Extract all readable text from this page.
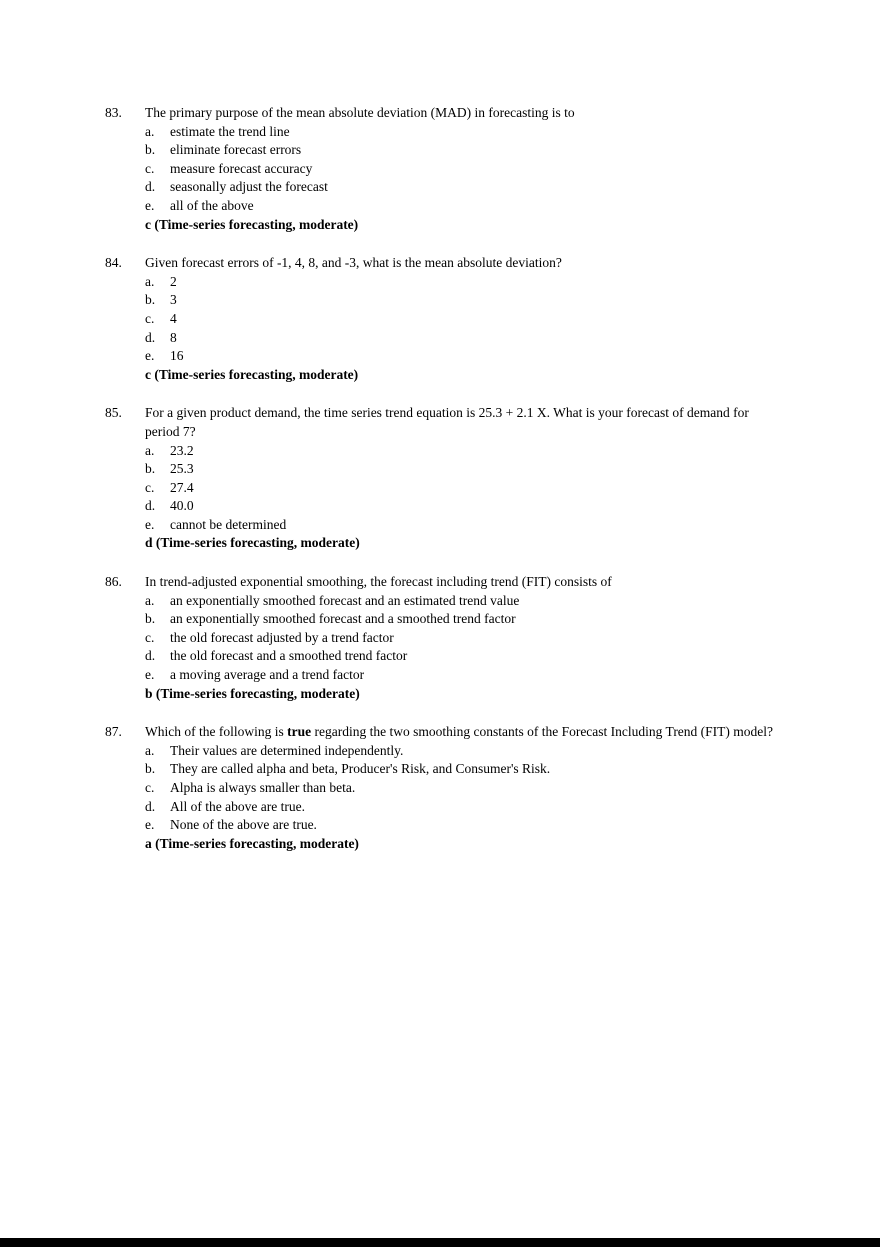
83.	The primary purpose of the mean absolute deviation (MAD) in forecasting is to
a.	estimate the trend line
b.	eliminate forecast errors
c.	measure forecast accuracy
d.	seasonally adjust the forecast
e.	all of the above
c (Time-series forecasting, moderate)
84.	Given forecast errors of -1, 4, 8, and -3, what is the mean absolute deviation?
a.	2
b.	3
c.	4
d.	8
e.	16
c (Time-series forecasting, moderate)
85.	For a given product demand, the time series trend equation is 25.3 + 2.1 X. What is your forecast of demand for period 7?
a.	23.2
b.	25.3
c.	27.4
d.	40.0
e.	cannot be determined
d (Time-series forecasting, moderate)
86.	In trend-adjusted exponential smoothing, the forecast including trend (FIT) consists of
a.	an exponentially smoothed forecast and an estimated trend value
b.	an exponentially smoothed forecast and a smoothed trend factor
c.	the old forecast adjusted by a trend factor
d.	the old forecast and a smoothed trend factor
e.	a moving average and a trend factor
b (Time-series forecasting, moderate)
87.	Which of the following is true regarding the two smoothing constants of the Forecast Including Trend (FIT) model?
a.	Their values are determined independently.
b.	They are called alpha and beta, Producer's Risk, and Consumer's Risk.
c.	Alpha is always smaller than beta.
d.	All of the above are true.
e.	None of the above are true.
a (Time-series forecasting, moderate)
